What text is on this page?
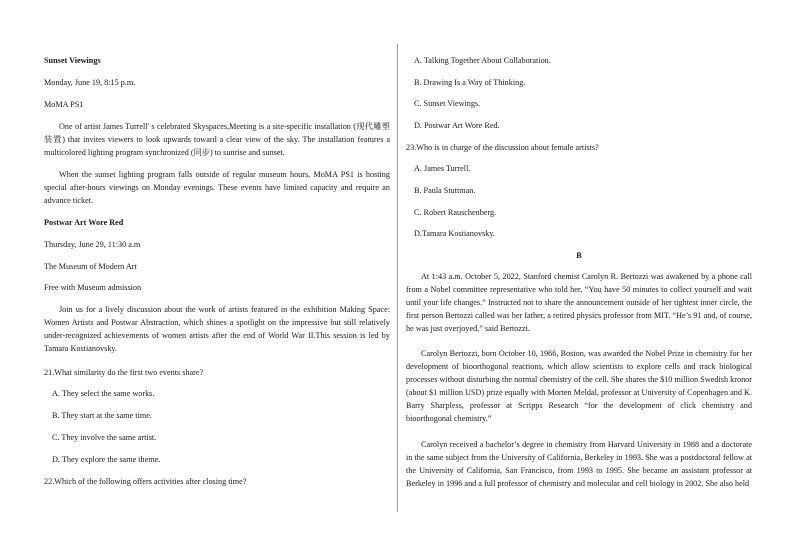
Sunset Viewings

Monday, June 19, 8:15 p.m.

MoMA PS1

One of artist James Turrell' s celebrated Skyspaces,Meeting is a site-specific installation (现代雕塑装置) that invites viewers to look upwards toward a clear view of the sky. The installation features a multicolored lighting program synchronized (同步) to sunrise and sunset.

When the sunset lighting program falls outside of regular museum hours, MoMA PS1 is hosting special after-hours viewings on Monday evenings. These events have limited capacity and require an advance ticket.

Postwar Art Wore Red

Thursday, June 29, 11:30 a.m

The Museum of Modern Art

Free with Museum admission

Join us for a lively discussion about the work of artists featured in the exhibition Making Space: Women Artists and Postwar Abstraction, which shines a spotlight on the impressive but still relatively under-recognized achievements of women artists after the end of World War II.This session is led by Tamara Kostianovsky.

21.What similarity do the first two events share?

A. They select the same works.

B. They start at the same time.

C. They involve the same artist.

D. They explore the same theme.

22.Which of the following offers activities after closing time?

A. Talking Together About Collaboration.

B. Drawing Is a Way of Thinking.

C. Sunset Viewings.

D. Postwar Art Wore Red.

23.Who is in charge of the discussion about female artists?

A. James Turrell.

B. Paula Stuttman.

C. Robert Rauschenberg.

D.Tamara Kostianovsky.

B

At 1:43 a.m. October 5, 2022, Stanford chemist Carolyn R. Bertozzi was awakened by a phone call from a Nobel committee representative who told her, “You have 50 minutes to collect yourself and wait until your life changes.” Instructed not to share the announcement outside of her tightest inner circle, the first person Bertozzi called was her father, a retired physics professor from MIT. “He’s 91 and, of course, he was just overjoyed,” said Bertozzi.

Carolyn Bertozzi, born October 10, 1966, Boston, was awarded the Nobel Prize in chemistry for her development of bioorthogonal reactions, which allow scientists to explore cells and track biological processes without disturbing the normal chemistry of the cell. She shares the $10 million Swedish kronor (about $1 million USD) prize equally with Morten Meldal, professor at University of Copenhagen and K. Barry Sharpless, professor at Scripps Research “for the development of click chemistry and bioorthogonal chemistry.”

Carolyn received a bachelor’s degree in chemistry from Harvard University in 1988 and a doctorate in the same subject from the University of California, Berkeley in 1993. She was a postdoctoral fellow at the University of California, San Francisco, from 1993 to 1995. She became an assistant professor at Berkeley in 1996 and a full professor of chemistry and molecular and cell biology in 2002. She also held
